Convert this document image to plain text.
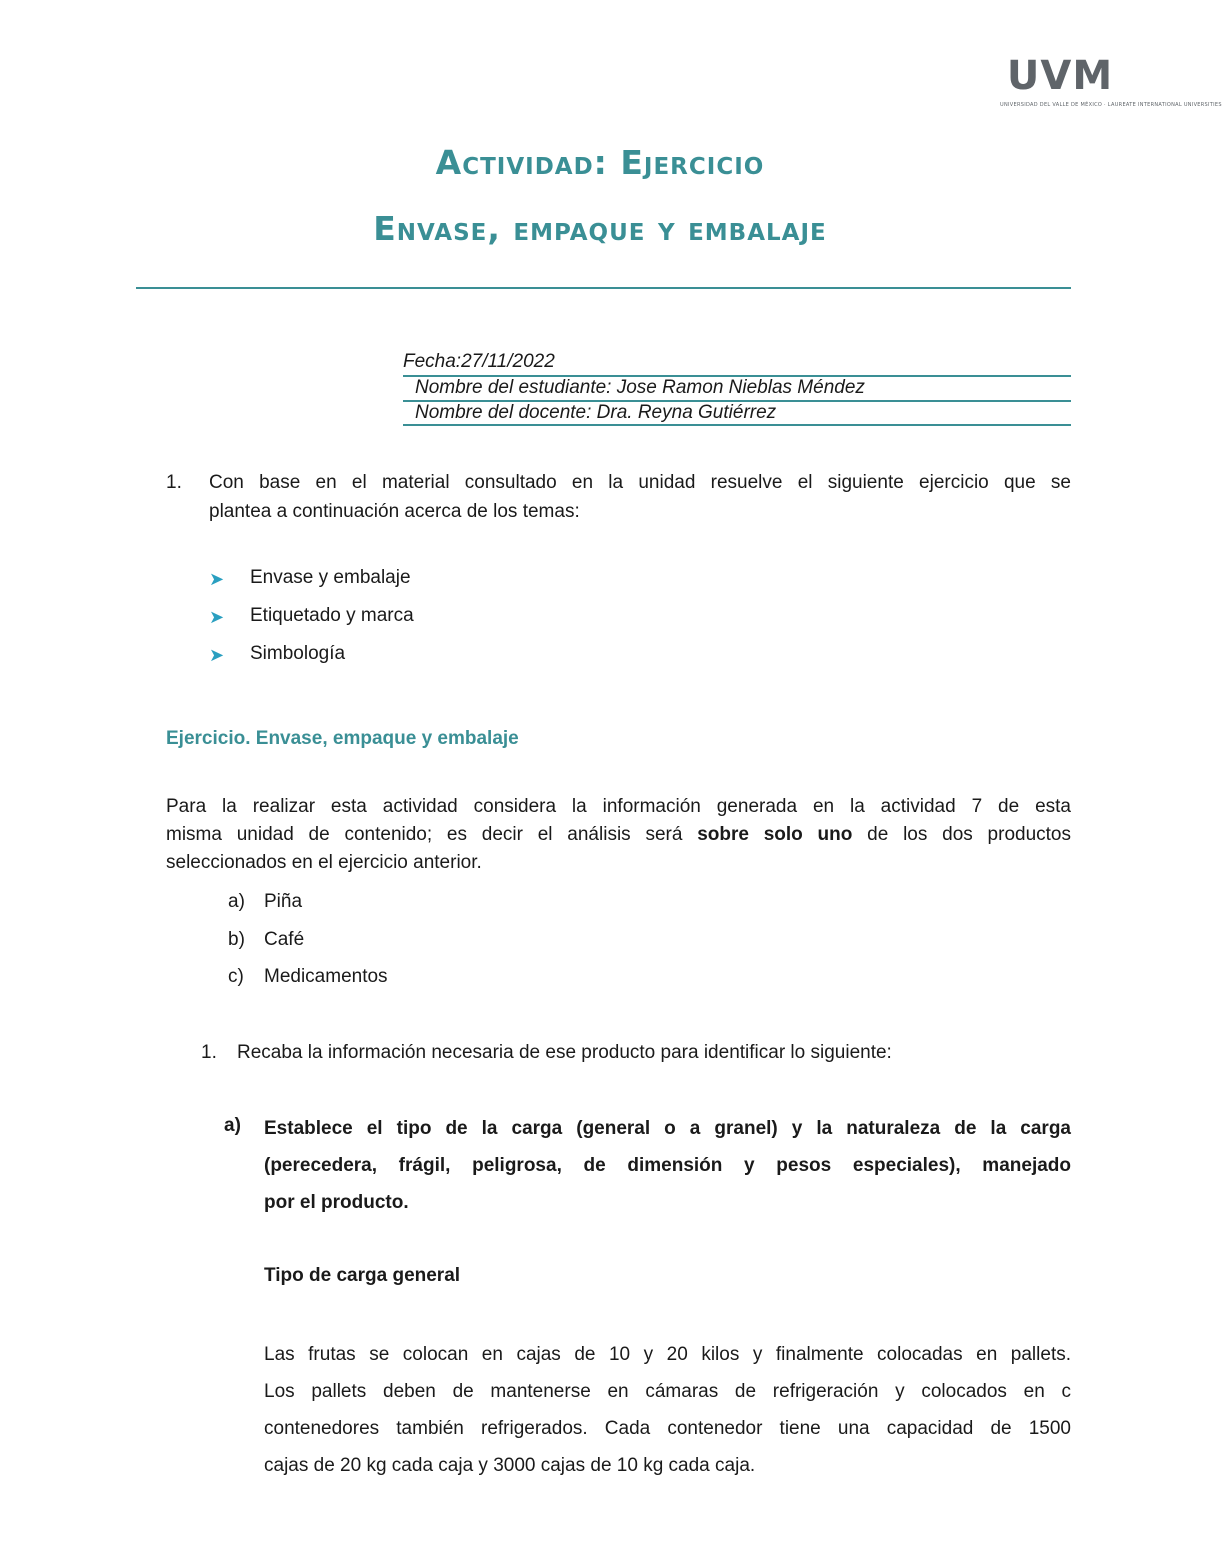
UVM
UNIVERSIDAD DEL VALLE DE MÉXICO · LAUREATE INTERNATIONAL UNIVERSITIES
Actividad: Ejercicio
Envase, empaque y embalaje
Fecha:27/11/2022
Nombre del estudiante: Jose Ramon Nieblas Méndez
Nombre del docente: Dra. Reyna Gutiérrez
1. Con base en el material consultado en la unidad resuelve el siguiente ejercicio que se
plantea a continuación acerca de los temas:
➤ Envase y embalaje
➤ Etiquetado y marca
➤ Simbología
Ejercicio. Envase, empaque y embalaje
Para la realizar esta actividad considera la información generada en la actividad 7 de esta
misma unidad de contenido; es decir el análisis será sobre solo uno de los dos productos
seleccionados en el ejercicio anterior.
a) Piña
b) Café
c) Medicamentos
1. Recaba la información necesaria de ese producto para identificar lo siguiente:
a) Establece el tipo de la carga (general o a granel) y la naturaleza de la carga
(perecedera, frágil, peligrosa, de dimensión y pesos especiales), manejado
por el producto.
Tipo de carga general
Las frutas se colocan en cajas de 10 y 20 kilos y finalmente colocadas en pallets.
Los pallets deben de mantenerse en cámaras de refrigeración y colocados en c
contenedores también refrigerados. Cada contenedor tiene una capacidad de 1500
cajas de 20 kg cada caja y 3000 cajas de 10 kg cada caja.
